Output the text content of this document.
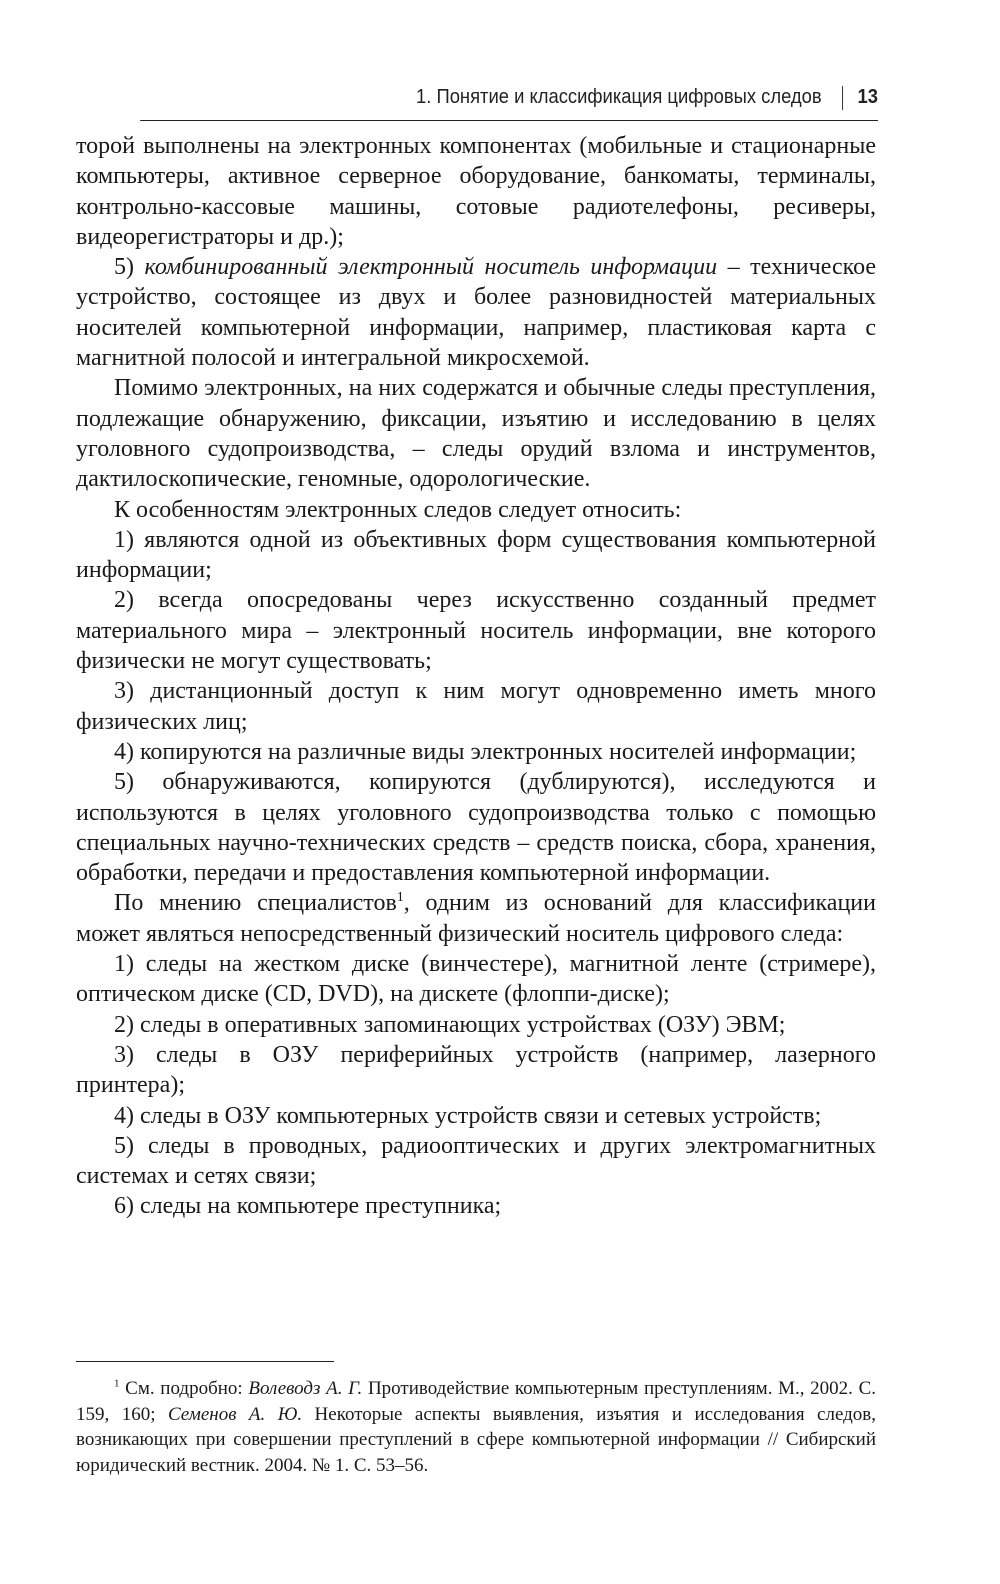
1. Понятие и классификация цифровых следов 13

торой выполнены на электронных компонентах (мобильные и стационарные компьютеры, активное серверное оборудование, банкоматы, терминалы, контрольно-кассовые машины, сотовые радиотелефоны, ресиверы, видеорегистраторы и др.);

5) комбинированный электронный носитель информации – техническое устройство, состоящее из двух и более разновидностей материальных носителей компьютерной информации, например, пластиковая карта с магнитной полосой и интегральной микросхемой.

Помимо электронных, на них содержатся и обычные следы преступления, подлежащие обнаружению, фиксации, изъятию и исследованию в целях уголовного судопроизводства, – следы орудий взлома и инструментов, дактилоскопические, геномные, одорологические.

К особенностям электронных следов следует относить:

1) являются одной из объективных форм существования компьютерной информации;

2) всегда опосредованы через искусственно созданный предмет материального мира – электронный носитель информации, вне которого физически не могут существовать;

3) дистанционный доступ к ним могут одновременно иметь много физических лиц;

4) копируются на различные виды электронных носителей информации;

5) обнаруживаются, копируются (дублируются), исследуются и используются в целях уголовного судопроизводства только с помощью специальных научно-технических средств – средств поиска, сбора, хранения, обработки, передачи и предоставления компьютерной информации.

По мнению специалистов$^1$, одним из оснований для классификации может являться непосредственный физический носитель цифрового следа:

1) следы на жестком диске (винчестере), магнитной ленте (стримере), оптическом диске (CD, DVD), на дискете (флоппи-диске);

2) следы в оперативных запоминающих устройствах (ОЗУ) ЭВМ;

3) следы в ОЗУ периферийных устройств (например, лазерного принтера);

4) следы в ОЗУ компьютерных устройств связи и сетевых устройств;

5) следы в проводных, радиооптических и других электромагнитных системах и сетях связи;

6) следы на компьютере преступника;

$^1$ См. подробно: Волеводз А. Г. Противодействие компьютерным преступлениям. М., 2002. С. 159, 160; Семенов А. Ю. Некоторые аспекты выявления, изъятия и исследования следов, возникающих при совершении преступлений в сфере компьютерной информации // Сибирский юридический вестник. 2004. № 1. С. 53–56.
